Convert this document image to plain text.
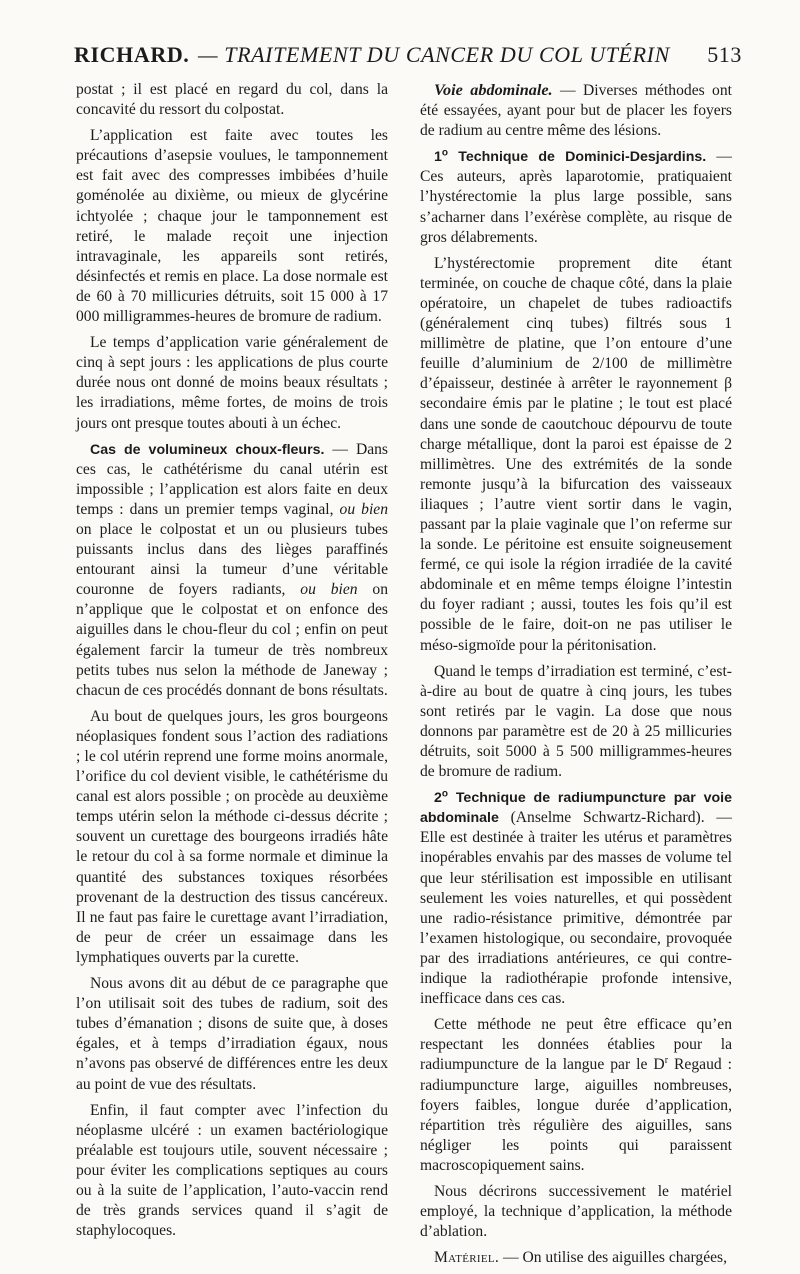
RICHARD. — TRAITEMENT DU CANCER DU COL UTÉRIN 513

postat ; il est placé en regard du col, dans la concavité du ressort du colpostat.

L’application est faite avec toutes les précautions d’asepsie voulues, le tamponnement est fait avec des compresses imbibées d’huile goménolée au dixième, ou mieux de glycérine ichtyolée ; chaque jour le tamponnement est retiré, le malade reçoit une injection intravaginale, les appareils sont retirés, désinfectés et remis en place. La dose normale est de 60 à 70 millicuries détruits, soit 15 000 à 17 000 milligrammes-heures de bromure de radium.

Le temps d’application varie généralement de cinq à sept jours : les applications de plus courte durée nous ont donné de moins beaux résultats ; les irradiations, même fortes, de moins de trois jours ont presque toutes abouti à un échec.

Cas de volumineux choux-fleurs. — Dans ces cas, le cathétérisme du canal utérin est impossible ; l’application est alors faite en deux temps : dans un premier temps vaginal, ou bien on place le colpostat et un ou plusieurs tubes puissants inclus dans des lièges paraffinés entourant ainsi la tumeur d’une véritable couronne de foyers radiants, ou bien on n’applique que le colpostat et on enfonce des aiguilles dans le chou-fleur du col ; enfin on peut également farcir la tumeur de très nombreux petits tubes nus selon la méthode de Janeway ; chacun de ces procédés donnant de bons résultats.

Au bout de quelques jours, les gros bourgeons néoplasiques fondent sous l’action des radiations ; le col utérin reprend une forme moins anormale, l’orifice du col devient visible, le cathétérisme du canal est alors possible ; on procède au deuxième temps utérin selon la méthode ci-dessus décrite ; souvent un curettage des bourgeons irradiés hâte le retour du col à sa forme normale et diminue la quantité des substances toxiques résorbées provenant de la destruction des tissus cancéreux. Il ne faut pas faire le curettage avant l’irradiation, de peur de créer un essaimage dans les lymphatiques ouverts par la curette.

Nous avons dit au début de ce paragraphe que l’on utilisait soit des tubes de radium, soit des tubes d’émanation ; disons de suite que, à doses égales, et à temps d’irradiation égaux, nous n’avons pas observé de différences entre les deux au point de vue des résultats.

Enfin, il faut compter avec l’infection du néoplasme ulcéré : un examen bactériologique préalable est toujours utile, souvent nécessaire ; pour éviter les complications septiques au cours ou à la suite de l’application, l’auto-vaccin rend de très grands services quand il s’agit de staphylocoques.

Voie abdominale. — Diverses méthodes ont été essayées, ayant pour but de placer les foyers de radium au centre même des lésions.

1$^o$ Technique de Dominici-Desjardins. — Ces auteurs, après laparotomie, pratiquaient l’hystérectomie la plus large possible, sans s’acharner dans l’exérèse complète, au risque de gros délabrements.

L’hystérectomie proprement dite étant terminée, on couche de chaque côté, dans la plaie opératoire, un chapelet de tubes radioactifs (généralement cinq tubes) filtrés sous 1 millimètre de platine, que l’on entoure d’une feuille d’aluminium de 2/100 de millimètre d’épaisseur, destinée à arrêter le rayonnement β secondaire émis par le platine ; le tout est placé dans une sonde de caoutchouc dépourvu de toute charge métallique, dont la paroi est épaisse de 2 millimètres. Une des extrémités de la sonde remonte jusqu’à la bifurcation des vaisseaux iliaques ; l’autre vient sortir dans le vagin, passant par la plaie vaginale que l’on referme sur la sonde. Le péritoine est ensuite soigneusement fermé, ce qui isole la région irradiée de la cavité abdominale et en même temps éloigne l’intestin du foyer radiant ; aussi, toutes les fois qu’il est possible de le faire, doit-on ne pas utiliser le méso-sigmoïde pour la péritonisation.

Quand le temps d’irradiation est terminé, c’est-à-dire au bout de quatre à cinq jours, les tubes sont retirés par le vagin. La dose que nous donnons par paramètre est de 20 à 25 millicuries détruits, soit 5000 à 5 500 milligrammes-heures de bromure de radium.

2$^o$ Technique de radiumpuncture par voie abdominale (Anselme Schwartz-Richard). — Elle est destinée à traiter les utérus et paramètres inopérables envahis par des masses de volume tel que leur stérilisation est impossible en utilisant seulement les voies naturelles, et qui possèdent une radio-résistance primitive, démontrée par l’examen histologique, ou secondaire, provoquée par des irradiations antérieures, ce qui contre-indique la radiothérapie profonde intensive, inefficace dans ces cas.

Cette méthode ne peut être efficace qu’en respectant les données établies pour la radiumpuncture de la langue par le $D^r$ Regaud : radiumpuncture large, aiguilles nombreuses, foyers faibles, longue durée d’application, répartition très régulière des aiguilles, sans négliger les points qui paraissent macroscopiquement sains.

Nous décrirons successivement le matériel employé, la technique d’application, la méthode d’ablation.

Matériel. — On utilise des aiguilles chargées,
